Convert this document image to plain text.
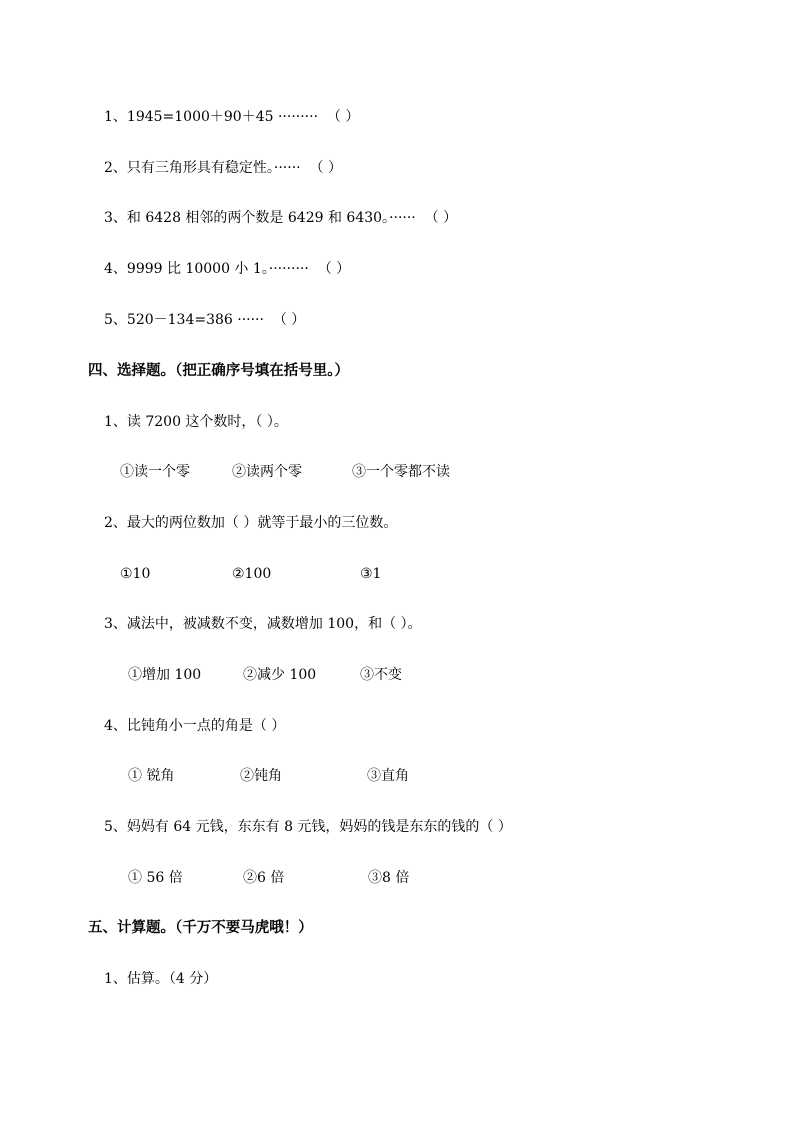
1、1945=1000＋90＋45 ·········  （ ）
2、只有三角形具有稳定性。······  （ ）
3、和 6428 相邻的两个数是 6429 和 6430。······  （ ）
4、9999 比 10000 小 1。·········  （ ）
5、520－134=386 ······  （ ）
四、选择题。（把正确序号填在括号里。）
1、读 7200 这个数时，（ ）。
①读一个零	②读两个零	③一个零都不读
2、最大的两位数加（ ）就等于最小的三位数。
①10	②100	③1
3、减法中，被减数不变，减数增加 100，和（ ）。
①增加 100	②减少 100	③不变
4、比钝角小一点的角是（ ）
① 锐角	②钝角	③直角
5、妈妈有 64 元钱，东东有 8 元钱，妈妈的钱是东东的钱的（ ）
① 56 倍	②6 倍	③8 倍
五、计算题。（千万不要马虎哦！）
1、估算。（4 分）
